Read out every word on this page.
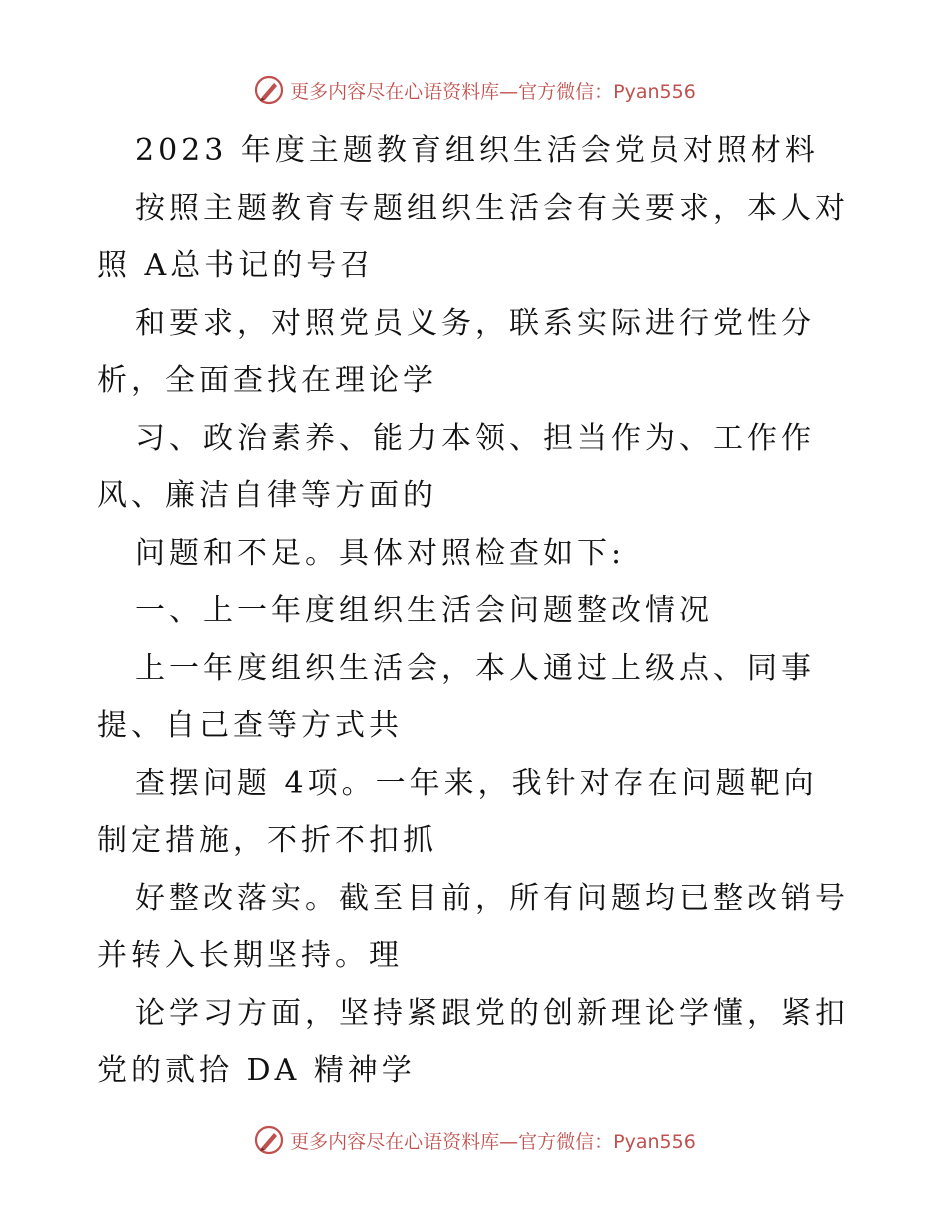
更多内容尽在心语资料库—官方微信：Pyan556
2023 年度主题教育组织生活会党员对照材料
按照主题教育专题组织生活会有关要求，本人对
照 A总书记的号召
和要求，对照党员义务，联系实际进行党性分
析，全面查找在理论学
习、政治素养、能力本领、担当作为、工作作
风、廉洁自律等方面的
问题和不足。具体对照检查如下:
一、上一年度组织生活会问题整改情况
上一年度组织生活会，本人通过上级点、同事
提、自己查等方式共
查摆问题 4项。一年来，我针对存在问题靶向
制定措施，不折不扣抓
好整改落实。截至目前，所有问题均已整改销号
并转入长期坚持。理
论学习方面，坚持紧跟党的创新理论学懂，紧扣
党的贰拾 DA 精神学
更多内容尽在心语资料库—官方微信：Pyan556
